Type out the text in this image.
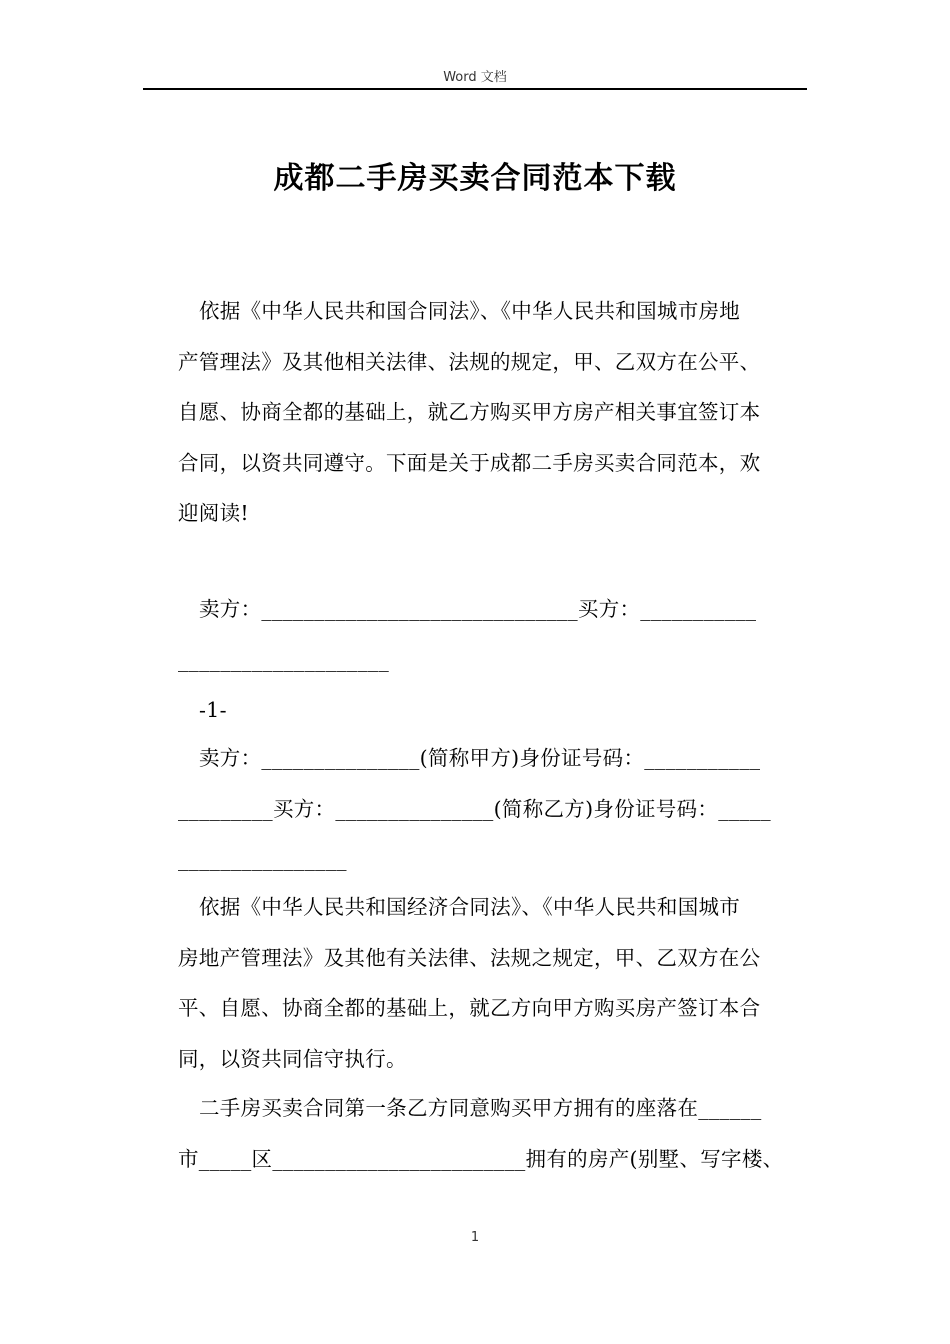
Word 文档
成都二手房买卖合同范本下载
依据《中华人民共和国合同法》、《中华人民共和国城市房地
产管理法》及其他相关法律、法规的规定，甲、乙双方在公平、
自愿、协商全都的基础上，就乙方购买甲方房产相关事宜签订本
合同，以资共同遵守。下面是关于成都二手房买卖合同范本，欢
迎阅读!
卖方：______________________________买方：___________
____________________
-1-
卖方：_______________(简称甲方)身份证号码：___________
_________买方：_______________(简称乙方)身份证号码：_____
________________
依据《中华人民共和国经济合同法》、《中华人民共和国城市
房地产管理法》及其他有关法律、法规之规定，甲、乙双方在公
平、自愿、协商全都的基础上，就乙方向甲方购买房产签订本合
同，以资共同信守执行。
二手房买卖合同第一条乙方同意购买甲方拥有的座落在______
市_____区________________________拥有的房产(别墅、写字楼、
1
